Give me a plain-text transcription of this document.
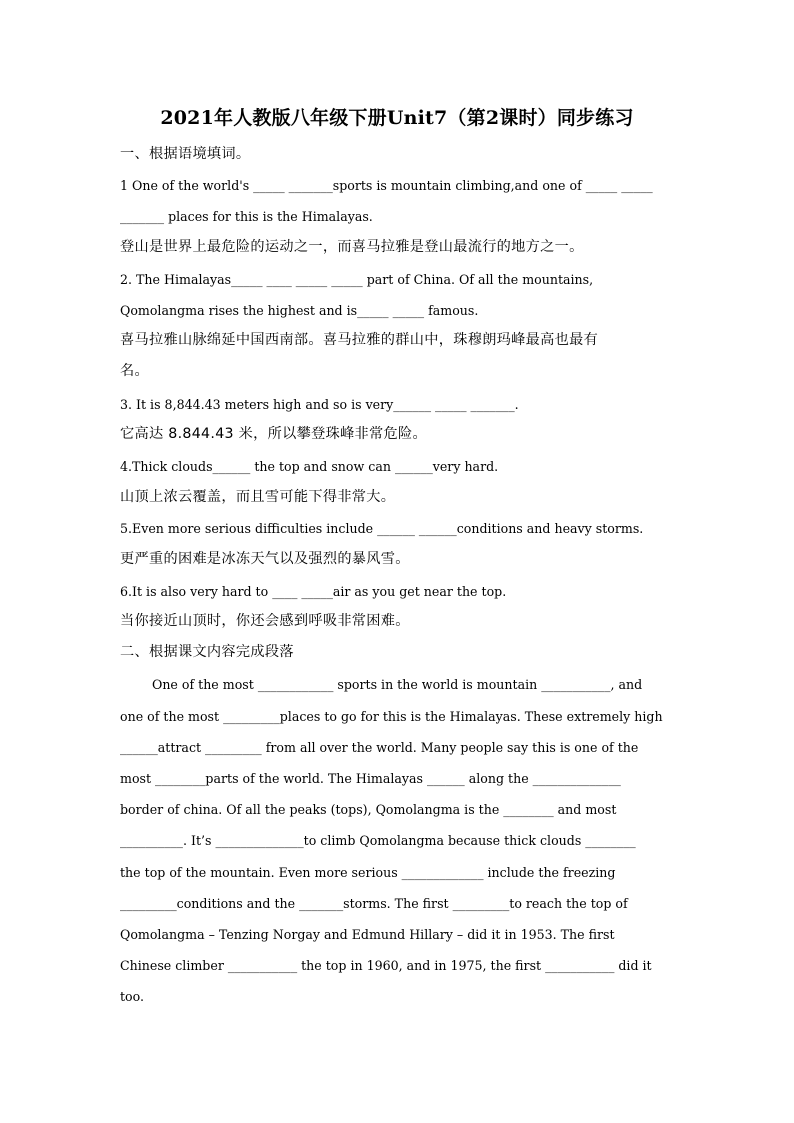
2021年人教版八年级下册Unit7（第2课时）同步练习
一、根据语境填词。
1 One of the world's _____ _______sports is mountain climbing,and one of _____ _____
_______ places for this is the Himalayas.
登山是世界上最危险的运动之一，而喜马拉雅是登山最流行的地方之一。
2. The Himalayas_____ ____ _____ _____ part of China. Of all the mountains,
Qomolangma rises the highest and is_____ _____ famous.
喜马拉雅山脉绵延中国西南部。喜马拉雅的群山中，珠穆朗玛峰最高也最有
名。
3. It is 8,844.43 meters high and so is very______ _____ _______.
它高达 8.844.43 米，所以攀登珠峰非常危险。
4.Thick clouds______ the top and snow can ______very hard.
山顶上浓云覆盖，而且雪可能下得非常大。
5.Even more serious difficulties include ______ ______conditions and heavy storms.
更严重的困难是冰冻天气以及强烈的暴风雪。
6.It is also very hard to ____ _____air as you get near the top.
当你接近山顶时，你还会感到呼吸非常困难。
二、根据课文内容完成段落
One of the most ____________ sports in the world is mountain ___________, and
one of the most _________places to go for this is the Himalayas. These extremely high
______attract _________ from all over the world. Many people say this is one of the
most ________parts of the world. The Himalayas ______ along the ______________
border of china. Of all the peaks (tops), Qomolangma is the ________ and most
__________. It’s ______________to climb Qomolangma because thick clouds ________
the top of the mountain. Even more serious _____________ include the freezing
_________conditions and the _______storms. The first _________to reach the top of
Qomolangma – Tenzing Norgay and Edmund Hillary – did it in 1953. The first
Chinese climber ___________ the top in 1960, and in 1975, the first ___________ did it
too.
